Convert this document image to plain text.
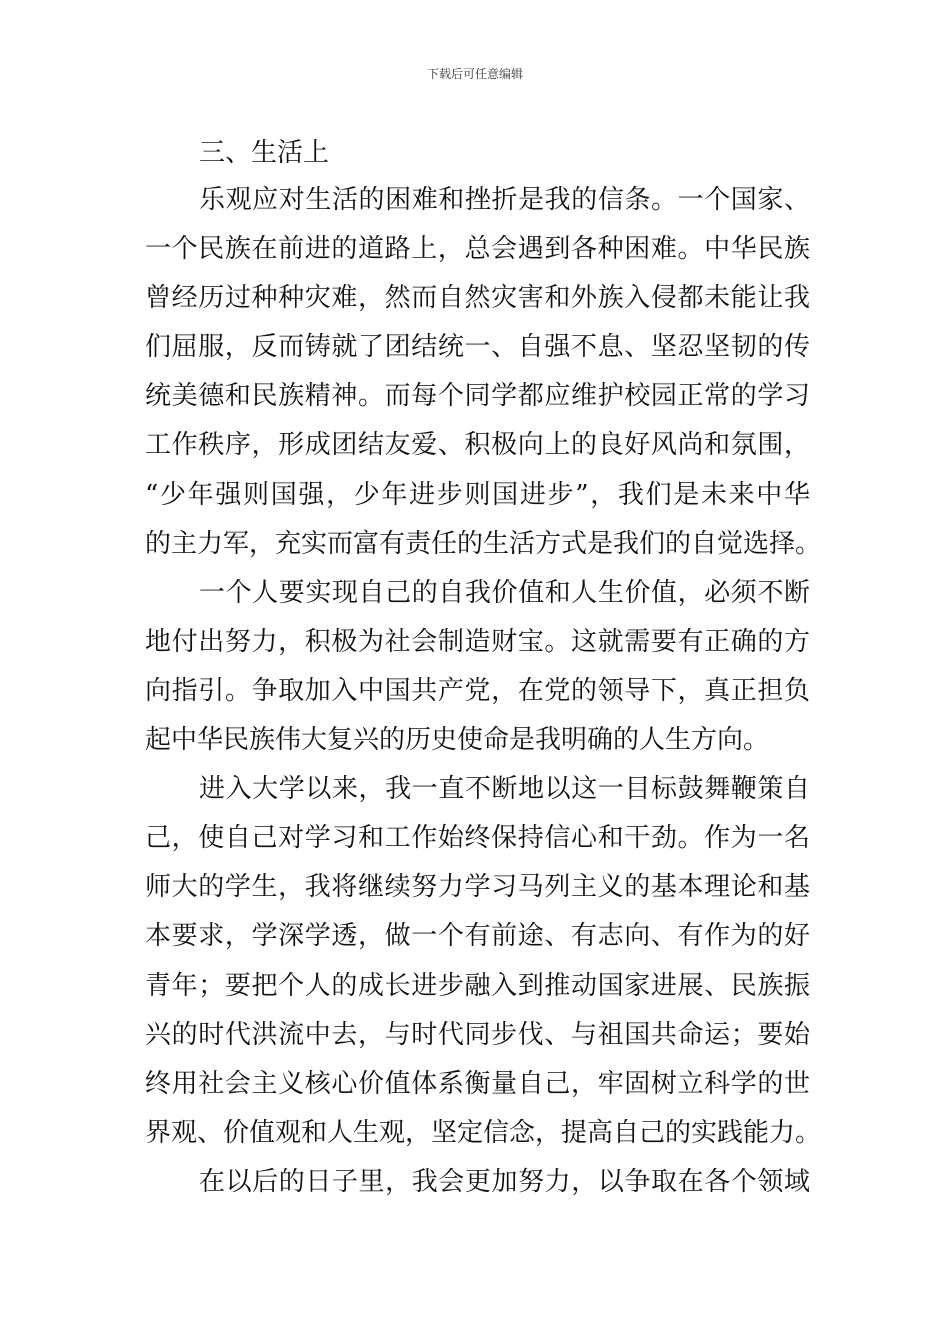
下载后可任意编辑
三、生活上
乐观应对生活的困难和挫折是我的信条。一个国家、
一个民族在前进的道路上，总会遇到各种困难。中华民族
曾经历过种种灾难，然而自然灾害和外族入侵都未能让我
们屈服，反而铸就了团结统一、自强不息、坚忍坚韧的传
统美德和民族精神。而每个同学都应维护校园正常的学习
工作秩序，形成团结友爱、积极向上的良好风尚和氛围，
“少年强则国强，少年进步则国进步”，我们是未来中华
的主力军，充实而富有责任的生活方式是我们的自觉选择。
一个人要实现自己的自我价值和人生价值，必须不断
地付出努力，积极为社会制造财宝。这就需要有正确的方
向指引。争取加入中国共产党，在党的领导下，真正担负
起中华民族伟大复兴的历史使命是我明确的人生方向。
进入大学以来，我一直不断地以这一目标鼓舞鞭策自
己，使自己对学习和工作始终保持信心和干劲。作为一名
师大的学生，我将继续努力学习马列主义的基本理论和基
本要求，学深学透，做一个有前途、有志向、有作为的好
青年；要把个人的成长进步融入到推动国家进展、民族振
兴的时代洪流中去，与时代同步伐、与祖国共命运；要始
终用社会主义核心价值体系衡量自己，牢固树立科学的世
界观、价值观和人生观，坚定信念，提高自己的实践能力。
在以后的日子里，我会更加努力，以争取在各个领域
